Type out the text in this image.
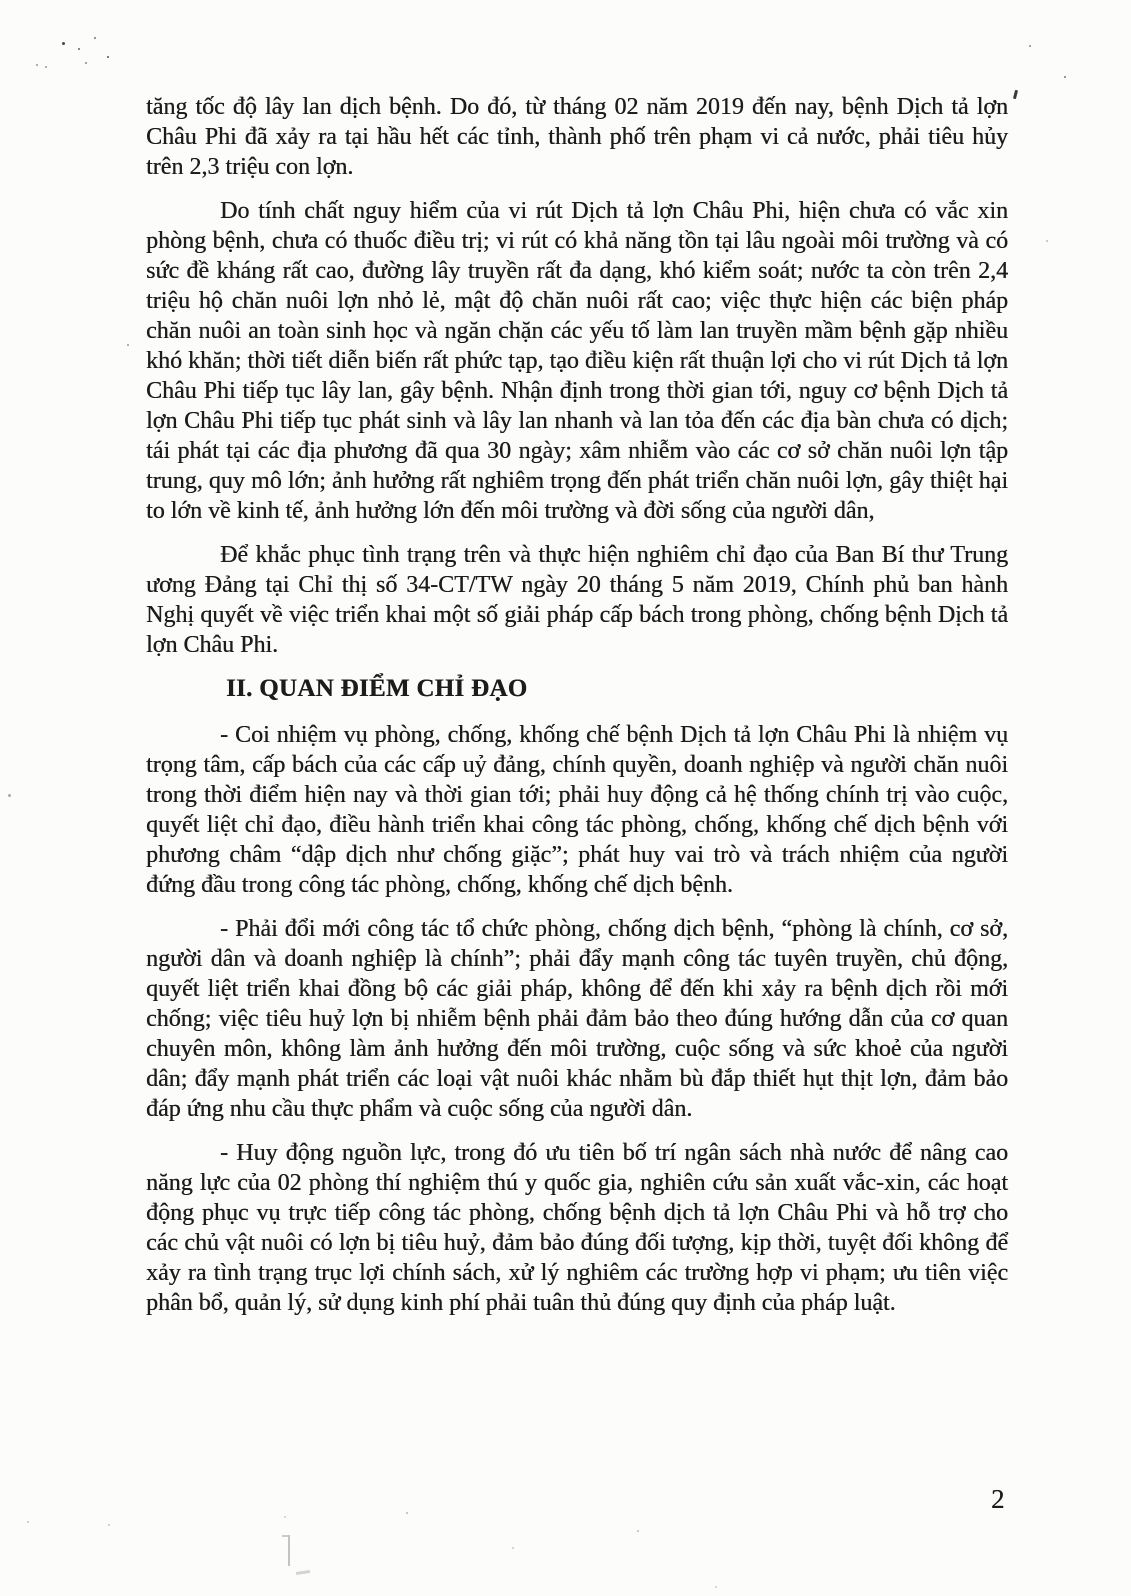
tăng tốc độ lây lan dịch bệnh. Do đó, từ tháng 02 năm 2019 đến nay, bệnh Dịch tả lợn Châu Phi đã xảy ra tại hầu hết các tỉnh, thành phố trên phạm vi cả nước, phải tiêu hủy trên 2,3 triệu con lợn.

Do tính chất nguy hiểm của vi rút Dịch tả lợn Châu Phi, hiện chưa có vắc xin phòng bệnh, chưa có thuốc điều trị; vi rút có khả năng tồn tại lâu ngoài môi trường và có sức đề kháng rất cao, đường lây truyền rất đa dạng, khó kiểm soát; nước ta còn trên 2,4 triệu hộ chăn nuôi lợn nhỏ lẻ, mật độ chăn nuôi rất cao; việc thực hiện các biện pháp chăn nuôi an toàn sinh học và ngăn chặn các yếu tố làm lan truyền mầm bệnh gặp nhiều khó khăn; thời tiết diễn biến rất phức tạp, tạo điều kiện rất thuận lợi cho vi rút Dịch tả lợn Châu Phi tiếp tục lây lan, gây bệnh. Nhận định trong thời gian tới, nguy cơ bệnh Dịch tả lợn Châu Phi tiếp tục phát sinh và lây lan nhanh và lan tỏa đến các địa bàn chưa có dịch; tái phát tại các địa phương đã qua 30 ngày; xâm nhiễm vào các cơ sở chăn nuôi lợn tập trung, quy mô lớn; ảnh hưởng rất nghiêm trọng đến phát triển chăn nuôi lợn, gây thiệt hại to lớn về kinh tế, ảnh hưởng lớn đến môi trường và đời sống của người dân,

Để khắc phục tình trạng trên và thực hiện nghiêm chỉ đạo của Ban Bí thư Trung ương Đảng tại Chỉ thị số 34-CT/TW ngày 20 tháng 5 năm 2019, Chính phủ ban hành Nghị quyết về việc triển khai một số giải pháp cấp bách trong phòng, chống bệnh Dịch tả lợn Châu Phi.

II. QUAN ĐIỂM CHỈ ĐẠO

- Coi nhiệm vụ phòng, chống, khống chế bệnh Dịch tả lợn Châu Phi là nhiệm vụ trọng tâm, cấp bách của các cấp uỷ đảng, chính quyền, doanh nghiệp và người chăn nuôi trong thời điểm hiện nay và thời gian tới; phải huy động cả hệ thống chính trị vào cuộc, quyết liệt chỉ đạo, điều hành triển khai công tác phòng, chống, khống chế dịch bệnh với phương châm “dập dịch như chống giặc”; phát huy vai trò và trách nhiệm của người đứng đầu trong công tác phòng, chống, khống chế dịch bệnh.

- Phải đổi mới công tác tổ chức phòng, chống dịch bệnh, “phòng là chính, cơ sở, người dân và doanh nghiệp là chính”; phải đẩy mạnh công tác tuyên truyền, chủ động, quyết liệt triển khai đồng bộ các giải pháp, không để đến khi xảy ra bệnh dịch rồi mới chống; việc tiêu huỷ lợn bị nhiễm bệnh phải đảm bảo theo đúng hướng dẫn của cơ quan chuyên môn, không làm ảnh hưởng đến môi trường, cuộc sống và sức khoẻ của người dân; đẩy mạnh phát triển các loại vật nuôi khác nhằm bù đắp thiết hụt thịt lợn, đảm bảo đáp ứng nhu cầu thực phẩm và cuộc sống của người dân.

- Huy động nguồn lực, trong đó ưu tiên bố trí ngân sách nhà nước để nâng cao năng lực của 02 phòng thí nghiệm thú y quốc gia, nghiên cứu sản xuất vắc-xin, các hoạt động phục vụ trực tiếp công tác phòng, chống bệnh dịch tả lợn Châu Phi và hỗ trợ cho các chủ vật nuôi có lợn bị tiêu huỷ, đảm bảo đúng đối tượng, kịp thời, tuyệt đối không để xảy ra tình trạng trục lợi chính sách, xử lý nghiêm các trường hợp vi phạm; ưu tiên việc phân bổ, quản lý, sử dụng kinh phí phải tuân thủ đúng quy định của pháp luật.

2
